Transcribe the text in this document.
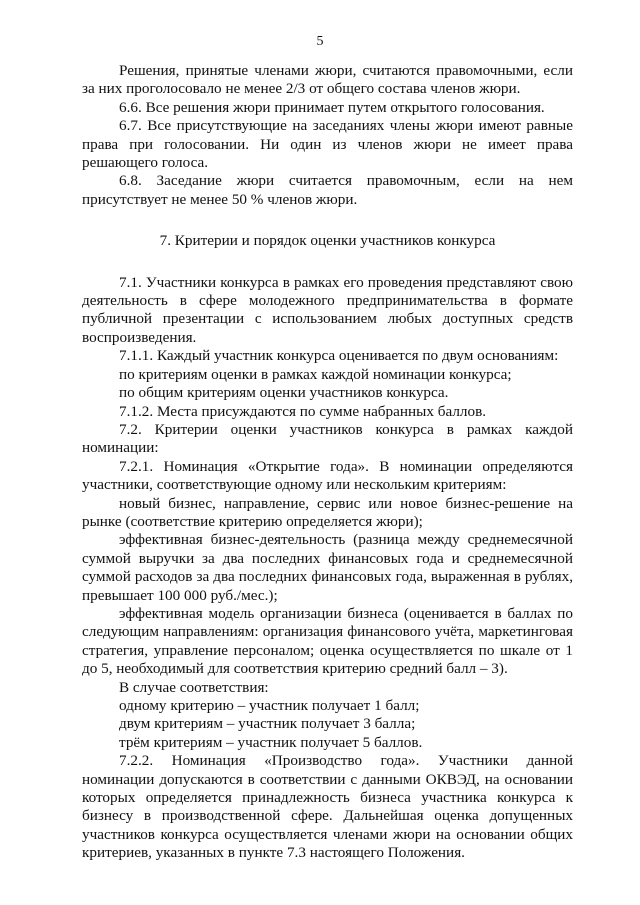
5

Решения, принятые членами жюри, считаются правомочными, если за них проголосовало не менее 2/3 от общего состава членов жюри.

6.6. Все решения жюри принимает путем открытого голосования.

6.7. Все присутствующие на заседаниях члены жюри имеют равные права при голосовании. Ни один из членов жюри не имеет права решающего голоса.

6.8. Заседание жюри считается правомочным, если на нем присутствует не менее 50 % членов жюри.

7. Критерии и порядок оценки участников конкурса

7.1. Участники конкурса в рамках его проведения представляют свою деятельность в сфере молодежного предпринимательства в формате публичной презентации с использованием любых доступных средств воспроизведения.

7.1.1. Каждый участник конкурса оценивается по двум основаниям:

по критериям оценки в рамках каждой номинации конкурса;

по общим критериям оценки участников конкурса.

7.1.2. Места присуждаются по сумме набранных баллов.

7.2. Критерии оценки участников конкурса в рамках каждой номинации:

7.2.1. Номинация «Открытие года». В номинации определяются участники, соответствующие одному или нескольким критериям:

новый бизнес, направление, сервис или новое бизнес-решение на рынке (соответствие критерию определяется жюри);

эффективная бизнес-деятельность (разница между среднемесячной суммой выручки за два последних финансовых года и среднемесячной суммой расходов за два последних финансовых года, выраженная в рублях, превышает 100 000 руб./мес.);

эффективная модель организации бизнеса (оценивается в баллах по следующим направлениям: организация финансового учёта, маркетинговая стратегия, управление персоналом; оценка осуществляется по шкале от 1 до 5, необходимый для соответствия критерию средний балл – 3).

В случае соответствия:

одному критерию – участник получает 1 балл;

двум критериям – участник получает 3 балла;

трём критериям – участник получает 5 баллов.

7.2.2. Номинация «Производство года». Участники данной номинации допускаются в соответствии с данными ОКВЭД, на основании которых определяется принадлежность бизнеса участника конкурса к бизнесу в производственной сфере. Дальнейшая оценка допущенных участников конкурса осуществляется членами жюри на основании общих критериев, указанных в пункте 7.3 настоящего Положения.
